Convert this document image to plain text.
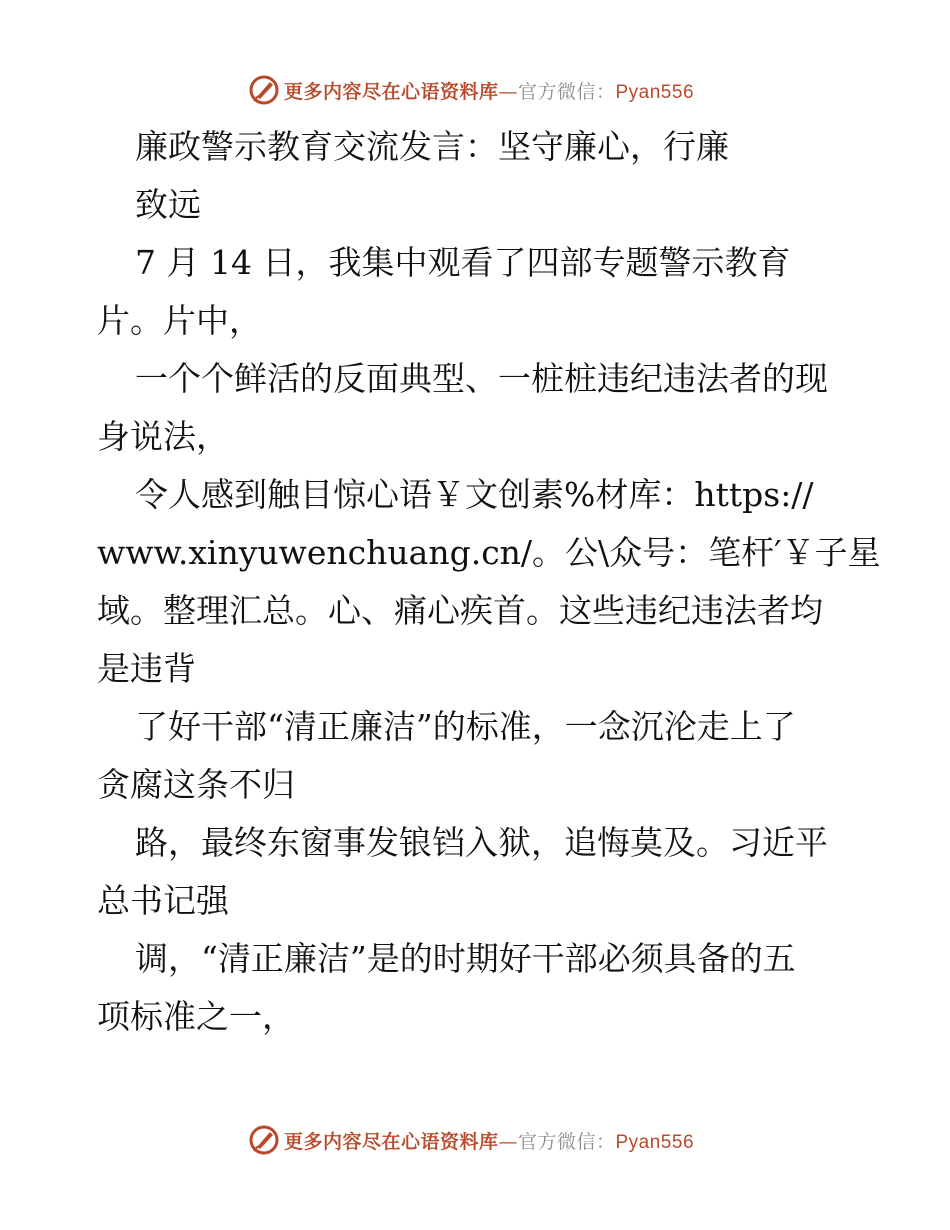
更多内容尽在心语资料库—官方微信：Pyan556
廉政警示教育交流发言：坚守廉心，行廉
致远
7 月 14 日，我集中观看了四部专题警示教育
片。片中，
一个个鲜活的反面典型、一桩桩违纪违法者的现
身说法，
令人感到触目惊心语￥文创素%材库：https://
www.xinyuwenchuang.cn/。公\众号：笔杆′￥子星
域。整理汇总。心、痛心疾首。这些违纪违法者均
是违背
了好干部“清正廉洁”的标准，一念沉沦走上了
贪腐这条不归
路，最终东窗事发锒铛入狱，追悔莫及。习近平
总书记强
调，“清正廉洁”是的时期好干部必须具备的五
项标准之一，
更多内容尽在心语资料库—官方微信：Pyan556
